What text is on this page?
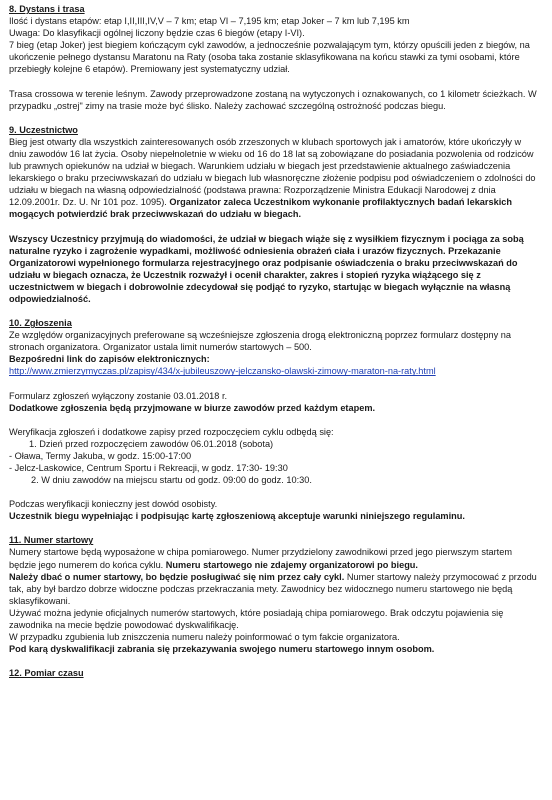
8. Dystans i trasa

Ilość i dystans etapów: etap I,II,III,IV,V – 7 km; etap VI – 7,195 km; etap Joker – 7 km lub 7,195 km

Uwaga: Do klasyfikacji ogólnej liczony będzie czas 6 biegów (etapy I-VI).

7 bieg (etap Joker) jest biegiem kończącym cykl zawodów, a jednocześnie pozwalającym tym, którzy opuścili jeden z biegów, na ukończenie pełnego dystansu Maratonu na Raty (osoba taka zostanie sklasyfikowana na końcu stawki za tymi osobami, które przebiegły kolejne 6 etapów). Premiowany jest systematyczny udział.

Trasa crossowa w terenie leśnym. Zawody przeprowadzone zostaną na wytyczonych i oznakowanych, co 1 kilometr ścieżkach. W przypadku „ostrej" zimy na trasie może być ślisko. Należy zachować szczególną ostrożność podczas biegu.

9. Uczestnictwo

Bieg jest otwarty dla wszystkich zainteresowanych osób zrzeszonych w klubach sportowych jak i amatorów, które ukończyły w dniu zawodów 16 lat życia. Osoby niepełnoletnie w wieku od 16 do 18 lat są zobowiązane do posiadania pozwolenia od rodziców lub prawnych opiekunów na udział w biegach. Warunkiem udziału w biegach jest przedstawienie aktualnego zaświadczenia lekarskiego o braku przeciwwskazań do udziału w biegach lub własnoręczne złożenie podpisu pod oświadczeniem o zdolności do udziału w biegach na własną odpowiedzialność (podstawa prawna: Rozporządzenie Ministra Edukacji Narodowej z dnia 12.09.2001r. Dz. U. Nr 101 poz. 1095). Organizator zaleca Uczestnikom wykonanie profilaktycznych badań lekarskich mogących potwierdzić brak przeciwwskazań do udziału w biegach.

Wszyscy Uczestnicy przyjmują do wiadomości, że udział w biegach wiąże się z wysiłkiem fizycznym i pociąga za sobą naturalne ryzyko i zagrożenie wypadkami, możliwość odniesienia obrażeń ciała i urazów fizycznych. Przekazanie Organizatorowi wypełnionego formularza rejestracyjnego oraz podpisanie oświadczenia o braku przeciwwskazań do udziału w biegach oznacza, że Uczestnik rozważył i ocenił charakter, zakres i stopień ryzyka wiążącego się z uczestnictwem w biegach i dobrowolnie zdecydował się podjąć to ryzyko, startując w biegach wyłącznie na własną odpowiedzialność.

10. Zgłoszenia

Ze względów organizacyjnych preferowane są wcześniejsze zgłoszenia drogą elektroniczną poprzez formularz dostępny na stronach organizatora. Organizator ustala limit numerów startowych – 500.

Bezpośredni link do zapisów elektronicznych:

http://www.zmierzymyczas.pl/zapisy/434/x-jubileuszowy-jelczansko-olawski-zimowy-maraton-na-raty.html

Formularz zgłoszeń wyłączony zostanie 03.01.2018 r.

Dodatkowe zgłoszenia będą przyjmowane w biurze zawodów przed każdym etapem.

Weryfikacja zgłoszeń i dodatkowe zapisy przed rozpoczęciem cyklu odbędą się:

1. Dzień przed rozpoczęciem zawodów 06.01.2018 (sobota)

- Oława, Termy Jakuba, w godz. 15:00-17:00

- Jelcz-Laskowice, Centrum Sportu i Rekreacji, w godz. 17:30- 19:30

2. W dniu zawodów na miejscu startu od godz. 09:00 do godz. 10:30.

Podczas weryfikacji konieczny jest dowód osobisty.

Uczestnik biegu wypełniając i podpisując kartę zgłoszeniową akceptuje warunki niniejszego regulaminu.

11. Numer startowy

Numery startowe będą wyposażone w chipa pomiarowego. Numer przydzielony zawodnikowi przed jego pierwszym startem będzie jego numerem do końca cyklu. Numeru startowego nie zdajemy organizatorowi po biegu.

Należy dbać o numer startowy, bo będzie posługiwać się nim przez cały cykl. Numer startowy należy przymocować z przodu tak, aby był bardzo dobrze widoczne podczas przekraczania mety. Zawodnicy bez widocznego numeru startowego nie będą sklasyfikowani.

Używać można jedynie oficjalnych numerów startowych, które posiadają chipa pomiarowego. Brak odczytu pojawienia się zawodnika na mecie będzie powodować dyskwalifikację.

W przypadku zgubienia lub zniszczenia numeru należy poinformować o tym fakcie organizatora.

Pod karą dyskwalifikacji zabrania się przekazywania swojego numeru startowego innym osobom.

12. Pomiar czasu
